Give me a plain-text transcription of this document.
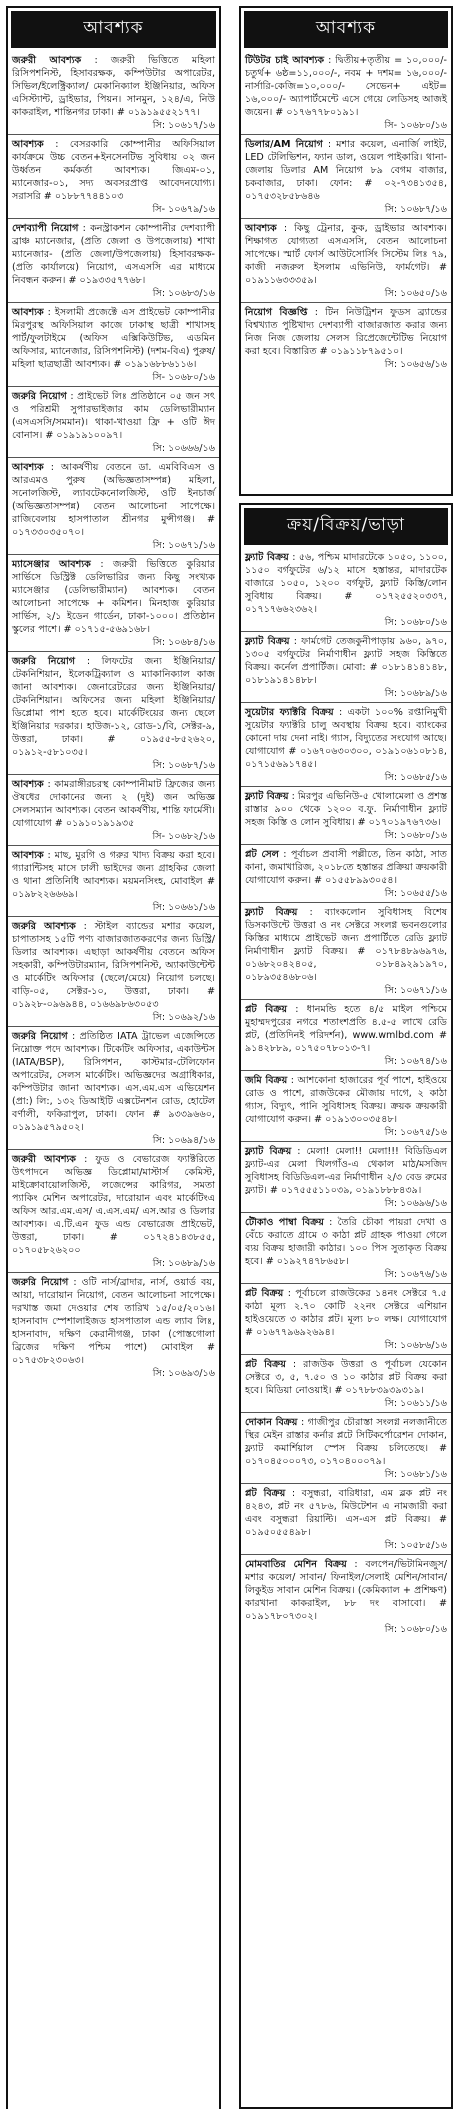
আবশ্যক
জরুরী আবশ্যক : জরুরী ভিত্তিতে মহিলা রিসিপশনিস্ট, হিসাবরক্ষক, কম্পিউটার অপারেটর, সিভিল/ইলেক্ট্রিক্যাল/ মেকানিক্যাল ইঞ্জিনিয়ার, অফিস এসিস্ট্যান্ট, ড্রাইভার, পিয়ন। সানমুন, ১২৪/এ, নিউ কাকরাইল, শান্তিনগর ঢাকা। # ০১৯১৯৫৫২১৭৭।
সি: ১০৬১৭/১৬
আবশ্যক : বেসরকারি কোম্পানীর অফিসিয়াল কার্যক্রমে উচ্চ বেতন+ইনসেনটিভ সুবিধায় ০২ জন উর্ধ্বতন কর্মকর্তা আবশ্যক। জিএম-০১, ম্যানেজার-০১, সদ্য অবসরপ্রাপ্ত আবেদনযোগ্য। সরাসরি # ০১৮৮৭৭৪৪১০৩
সি- ১০৬৭৯/১৬
দেশব্যাপী নিয়োগ : কনস্ট্রাকশন কোম্পানীর দেশব্যাপী ব্রাঞ্চ ম্যানেজার, (প্রতি জেলা ও উপজেলায়) শাখা ম্যানেজার- (প্রতি জেলা/উপজেলায়) হিসাবরক্ষক- (প্রতি কার্যালয়ে) নিয়োগ, এসএসসি এর মাধ্যমে নিবন্ধন করুন। # ০১৯৩৩৫৭৭৬৮।
সি: ১০৬৮৩/১৬
আবশ্যক : ইসলামী প্রজেক্টে এস প্রাইভেট কোম্পানীর মিরপুরস্থ অফিসিয়াল কাজে ঢাকাস্থ ছাত্রী শাখাসহ পার্ট/ফুলটাইমে (অফিস এক্সিকিউটিভ, এডমিন অফিসার, ম্যানেজার, রিসিপশনিস্ট) (দশম-বিএ) পুরুষ/মহিলা ছাত্রছাত্রী আবশ্যক। # ০১৯১৬৮৮৬১১৬।
সি- ১০৬৮০/১৬
জরুরি নিয়োগ : প্রাইভেট লিঃ প্রতিষ্ঠানে ০৫ জন সৎ ও পরিশ্রমী সুপারভাইজার কাম ডেলিভারীম্যান (এসএসসি/সমমান)। থাকা-খাওয়া ফ্রি + ওটি ঈদ বোনাস। # ০১৯১৯১০০৯৭।
সি: ১০৬৬৬/১৬
আবশ্যক : আকর্ষণীয় বেতনে ডা. এমবিবিএস ও আরএমও পুরুষ (অভিজ্ঞতাসম্পন্ন) মহিলা, সনোলজিস্ট, ল্যাবটেকনোলজিস্ট, ওটি ইনচার্জ (অভিজ্ঞতাসম্পন্ন) বেতন আলোচনা সাপেক্ষে। রাজিবেলায় হাসপাতাল শ্রীনগর মুন্সীগঞ্জ। # ০১৭৩৩০৩৫০৭০।
সি: ১০৬৭১/১৬
ম্যাসেঞ্জার আবশ্যক : জরুরী ভিত্তিতে কুরিয়ার সার্ভিসে ডিস্ট্রিক্ট ডেলিভারির জন্য কিছু সংখ্যক ম্যাসেঞ্জার (ডেলিভারীম্যান) আবশ্যক। বেতন আলোচনা সাপেক্ষে + কমিশন। মিনহাজ কুরিয়ার সার্ভিস, ২/১ ইডেন গার্ডেন, ঢাকা-১০০০। প্রতিষ্ঠান স্কুলের পাশে। # ০১৭১৫-৫৬৯১৬৮।
সি: ১০৬৮৪/১৬
জরুরি নিয়োগ : লিফটের জন্য ইঞ্জিনিয়ার/টেকনিশিয়ান, ইলেকট্রিক্যাল ও ম্যাকানিক্যাল কাজ জানা আবশ্যক। জেনারেটরের জন্য ইঞ্জিনিয়ার/টেকনিশিয়ান। অফিসের জন্য মহিলা ইঞ্জিনিয়ার/ডিপ্লোমা পাশ হতে হবে। মার্কেটিংয়ের জন্য ছেলে ইঞ্জিনিয়ার দরকার। হাউজ-১২, রোড-১/বি, সেক্টর-৯, উত্তরা, ঢাকা। # ০১৯৫৫-৮৫২৬২০, ০১৯১২-৫৮১০৩৫।
সি: ১০৬৮৭/১৬
আবশ্যক : কামরাঙ্গীরচরস্থ কোম্পানীমাট ফ্রিজের জন্য ঔষধের দোকানের জন্য ২ (দুই) জন অভিজ্ঞ সেলসম্যান আবশ্যক। বেতন আকর্ষণীয়, শান্তি ফার্মেসী। যোগাযোগ # ০১৯১০১৯১৯৩৫
সি- ১০৬৮২/১৬
আবশ্যক : মাছ, মুরগি ও গরুর খাদ্য বিক্রয় করা হবে। গ্যারান্টিসহ মাসে ঢালী ভাইদের জন্য গ্রাহকির জেলা ও থানা প্রতিনিধি আবশ্যক। ময়মনসিংহ, মোবাইল # ০১৯৮২২৬৬৬৯।
সি: ১০৬৬১/১৬
জরুরি আবশ্যক : স্টাইল ব্যান্ডের মশার কয়েল, চাপাতাসহ ১৫টি পণ্য বাজারজাতকরণের জন্য ডিস্ট্রি/ডিলার আবশ্যক। এছাড়া আকর্ষণীয় বেতনে অফিস সহকারী, কম্পিউটারম্যান, রিসিপশনিস্ট, অ্যাকাউন্টেন্ট ও মার্কেটিং অফিসার (ছেলে/মেয়ে) নিয়োগ চলছে। বাড়ি-০৫, সেক্টর-১০, উত্তরা, ঢাকা। # ০১৯২৮-০৯৬৯৪৪, ০১৬৬৯৮৬৩০৫৩
সি: ১০৬৯২/১৬
জরুরি নিয়োগ : প্রতিষ্ঠিত IATA ট্রাভেল এজেন্সিতে নিম্নোক্ত পদে আবশ্যক। টিকেটিং অফিসার, একাউন্টস (IATA/BSP), রিসিপশন, কাস্টমার-টেলিফোন অপারেটর, সেলস মার্কেটিং। অভিজ্ঞদের অগ্রাধিকার, কম্পিউটার জানা আবশ্যক। এস.এম.এস এভিয়েশন (প্রা:) লি:, ১৩২ ডিআইটি এক্সটেনশন রোড, হোটেল বর্ণালী, ফকিরাপুল, ঢাকা। ফোন # ৯৩৩৯৬৬০, ০১৯১৯৫৭৯৫০২।
সি: ১০৬৯৪/১৬
জরুরী আবশ্যক : ফুড ও বেভারেজ ফ্যাক্টরিতে উৎপাদনে অভিজ্ঞ ডিপ্লোমা/মাস্টার্স কেমিস্ট, মাইক্রোবায়োলজিস্ট, লজেন্সের কারিগর, সমতা প্যাকিং মেশিন অপারেটর, দারোয়ান এবং মার্কেটিংএ অফিস আর.এম.এস/ এ.এস.এম/ এস.আর ও ডিলার আবশ্যক। এ.টি.এন ফুড এন্ড বেভারেজ প্রাইভেট, উত্তরা, ঢাকা। # ০১৭২৪১৪৩৮৫৫, ০১৭০৫৮২৬২০০
সি: ১০৬৮৯/১৬
জরুরি নিয়োগ : ওটি নার্স/ব্রাদার, নার্স, ওয়ার্ড বয়, আয়া, দারোয়ান নিয়োগ, বেতন আলোচনা সাপেক্ষে। দরখাস্ত জমা দেওয়ার শেষ তারিখ ১৫/০৫/২০১৬। হাসনাবাদ স্পেশালাইজড হাসপাতাল এন্ড ল্যাব লিঃ, হাসনাবাদ, দক্ষিণ কেরানীগঞ্জ, ঢাকা (পোস্তগোলা ব্রিজের দক্ষিণ পশ্চিম পাশে) মোবাইল # ০১৭৫৩৮২৩০৬৩।
সি: ১০৬৯৩/১৬
আবশ্যক
টিউটর চাই আবশ্যক : দ্বিতীয়+তৃতীয় = ১০,০০০/- চতুর্থ+ ৬ষ্ঠ=১১,০০০/-, নবম + দশম= ১৬,০০০/- নার্সারি-কেজি=১০,০০০/- সেভেন+ এইট= ১৬,০০০/- অ্যাপার্টমেন্টে এসে গেয়ে লেডিসহ আজই জয়েন। # ০১৭৬৭৭৮০১৯১।
সি- ১০৬৮০/১৬
ডিলার/AM নিয়োগ : মশার কয়েল, এনার্জি লাইট, LED টেলিভিশন, ফ্যান ডাল, ওয়েল পাইকারি। থানা-জেলায় ডিলার AM নিয়োগ ৮৯ বেগম বাজার, চকবাজার, ঢাকা। ফোন: # ০২-৭৩৪১৩৫৪, ০১৭৫৩২৮৫৮৬৪৬
সি: ১০৬৮৭/১৬
আবশ্যক : কিছু ট্রেনার, কুক, ড্রাইভার আবশ্যক। শিক্ষাগত যোগ্যতা এসএসসি, বেতন আলোচনা সাপেক্ষে। স্মার্ট ফোর্স আউটসোর্সিং সিস্টেম লিঃ ৭৯, কাজী নজরুল ইসলাম এভিনিউ, ফার্মগেট। # ০১৯১১৬৩৩৩৫৯।
সি: ১০৬৫০/১৬
নিয়োগ বিজ্ঞপ্তি : টিন নিউট্রিশন ফুডস ব্র্যান্ডের বিশ্বখ্যাত পুষ্টিখাদ্য দেশব্যাপী বাজারজাত করার জন্য নিজ নিজ জেলায় সেলস রিপ্রেজেন্টেটিভ নিয়োগ করা হবে। বিস্তারিত # ০১৯১১৮৭৯৫১০।
সি: ১০৬৫৬/১৬
ক্রয়/বিক্রয়/ভাড়া
ফ্ল্যাট বিক্রয় : ৫৬, পশ্চিম মাদারটেকে ১০৫০, ১১০০, ১১৫০ বর্গফুটের ৬/১২ মাসে হস্তান্তর, মাদারটেক বাজারে ১০৫০, ১২০০ বর্গফুট, ফ্ল্যাট কিস্তি/লোন সুবিধায় বিক্রয়। # ০১৭২৫৫২০৩৩৭, ০১৭১৭৬৬২৩৬২।
সি: ১০৬৮০/১৬
ফ্ল্যাট বিক্রয় : ফার্মগেট তেজকুনীপাড়ায় ৯৬০, ৯৭০, ১৩০৫ বর্গফুটের নির্মাণাধীন ফ্ল্যাট সহজ কিস্তিতে বিক্রয়। কর্নেল প্রপার্টিজ। মোবা: # ০১৮১৪১৪১৪৮, ০১৮১৯১৪১৪৮৮।
সি: ১০৬৮৯/১৬
সুয়েটার ফ্যাক্টরি বিক্রয় : একটা ১০০% রপ্তানিমুখী সুয়েটার ফ্যাক্টরি চালু অবস্থায় বিক্রয় হবে। ব্যাংকের কোনো দায় দেনা নাই। গ্যাস, বিদ্যুতের সংযোগ আছে। যোগাযোগ # ০১৬৭০৬৩০৩০০, ০১৯১০৬১০৮১৪, ০১৭১৫৬৯১৭৪৫।
সি: ১০৬৮৫/১৬
ফ্ল্যাট বিক্রয় : মিরপুর এভিনিউ-৫ খোলামেলা ও প্রশস্ত রাস্তার ৯০০ থেকে ১২০০ ব.ফু. নির্মাণাধীন ফ্ল্যাট সহজ কিস্তি ও লোন সুবিধায়। # ০১৭০১৯৭৬৭৩৬।
সি: ১০৬৮০/১৬
প্লট সেল : পূর্বাচল প্রবাসী পল্লীতে, তিন কাঠা, সাত কানা, জমাখারিজ, ২০১৮তে হস্তান্তর প্রক্রিয়া ক্রয়কারী যোগাযোগ করুন। # ০১৫৫৮৯৯৩০৫৪।
সি: ১০৬৫৫/১৬
ফ্ল্যাট বিক্রয় : ব্যাংকলোন সুবিধাসহ বিশেষ ডিসকাউন্টে উত্তরা ও নং সেক্টরে সংলগ্ন ভবনগুলোর কিস্তির মাধ্যমে প্রাইভেট জন্য প্রপার্টিতে রেডি ফ্ল্যাট নির্মাণাধীন ফ্ল্যাট বিক্রয়। # ০১৭৮৪৮৯৬৯৭৬, ০১৬৮২০৪২৪০৫, ০১৮৪৯২৯১৯৭০, ০১৮৯৩৫৪৬৮০৬।
সি: ১০৬৭১/১৬
প্লট বিক্রয় : ধানমন্ডি হতে ৪/৫ মাইল পশ্চিমে মুহাম্মদপুরের নগরে শতাংশপ্রতি ৪.৫-৫ লাখে রেডি প্লট, (প্রতিদিনই পরিদর্শন), www.wmlbd.com # ৯১৪২৮৮৯, ০১৭৫০৭৮০১৩-৭।
সি: ১০৬৭৪/১৬
জমি বিক্রয় : আশকোনা হাজারের পূর্ব পাশে, হাইওয়ে রোড ও পাশে, রাজউকের মৌজায় দাগে, ২ কাঠা গ্যাস, বিদ্যুৎ, পানি সুবিধাসহ বিক্রয়। ক্রয়ক ক্রয়কারী যোগাযোগ করুন। # ০১৯১৩০০৩৫৪৮।
সি: ১০৬৭৫/১৬
ফ্ল্যাট বিক্রয় : মেলা! মেলা!! মেলা!!! বিডিডিএল ফ্ল্যাট-এর মেলা খিলগাঁও-এ থেকাল মাঠ/মসজিদ সুবিধাসহ বিডিডিএল-এর নির্মাণাধীন ২/৩ বেড রুমের ফ্ল্যাট। # ০১৭৫৫৫১১০৩৯, ০১৯১৮৮৮৪৩৯।
সি: ১০৬৯৬/১৬
টৌকাও পাম্বা বিক্রয় : তৈরি চৌকা পায়রা দেখা ও বেঁচে করাতে গ্রামে ৩ কাঠা প্লট গ্রাহক পাওয়া গেলে ব্যয় বিক্রয় হাজারী কাঠার। ১০০ পিস সুতাকৃত বিক্রয় হবে। # ০১৯২৭৪৭৮৬৫৮।
সি: ১০৬৭৬/১৬
প্লট বিক্রয় : পূর্বাচলে রাজউকের ১৪নং সেক্টরে ৭.৫ কাঠা মূল্য ২.৭০ কোটি ২২নং সেক্টরে এশিয়ান হাইওয়েতে ৩ কাঠার প্লট। মূল্য ৮০ লক্ষ। যোগাযোগ # ০১৬৭৭৯৬৯২৬৯৪।
সি: ১০৬৮৬/১৬
প্লট বিক্রয় : রাজউক উত্তরা ও পূর্বাচল যেকোন সেক্টরে ৩, ৫, ৭.৫০ ও ১০ কাঠার প্লট বিক্রয় করা হবে। মিডিয়া নোওয়াই। # ০১৭৮৮৩৯৩৯৩১৯।
সি: ১০৬১১/১৬
দোকান বিক্রয় : গাজীপুর চৌরাস্তা সংলগ্ন নলজানীতে স্থির মেইন রাস্তার কর্নার প্লটে সিটিকর্পোরেশন দোকান, ফ্ল্যাট কমার্শিয়াল স্পেস বিক্রয় চলিতেছে। # ০১৭০৪৫০০০৭৩, ০১৭০৪০০০৭৯।
সি: ১০৬৮১/১৬
প্লট বিক্রয় : বসুন্ধরা, বারিধারা, এম ব্লক প্লট নং ৪২৪৩, প্লট নং ৫৭৮৬, মিউটেশন এ নামজারী করা এবং বসুন্ধরা রিয়াল্টি। এস-এস প্লট বিক্রয়। # ০১৯৫০৫৫৪৯৮।
সি: ১০৫৮৫/১৬
মোমবাতির মেশিন বিক্রয় : বলপেন/ভিটামিনজুস/মশার কয়েল/ সাবান/ ফিনাইল/সেলাই মেশিন/সাবান/ লিকুইড সাবান মেশিন বিক্রয়। (কেমিক্যাল + প্রশিক্ষণ) কারখানা কাকরাইল, ৮৮ দং বাসাবো। # ০১৯১৭৮০৭৩০২।
সি: ১০৬৮০/১৬
